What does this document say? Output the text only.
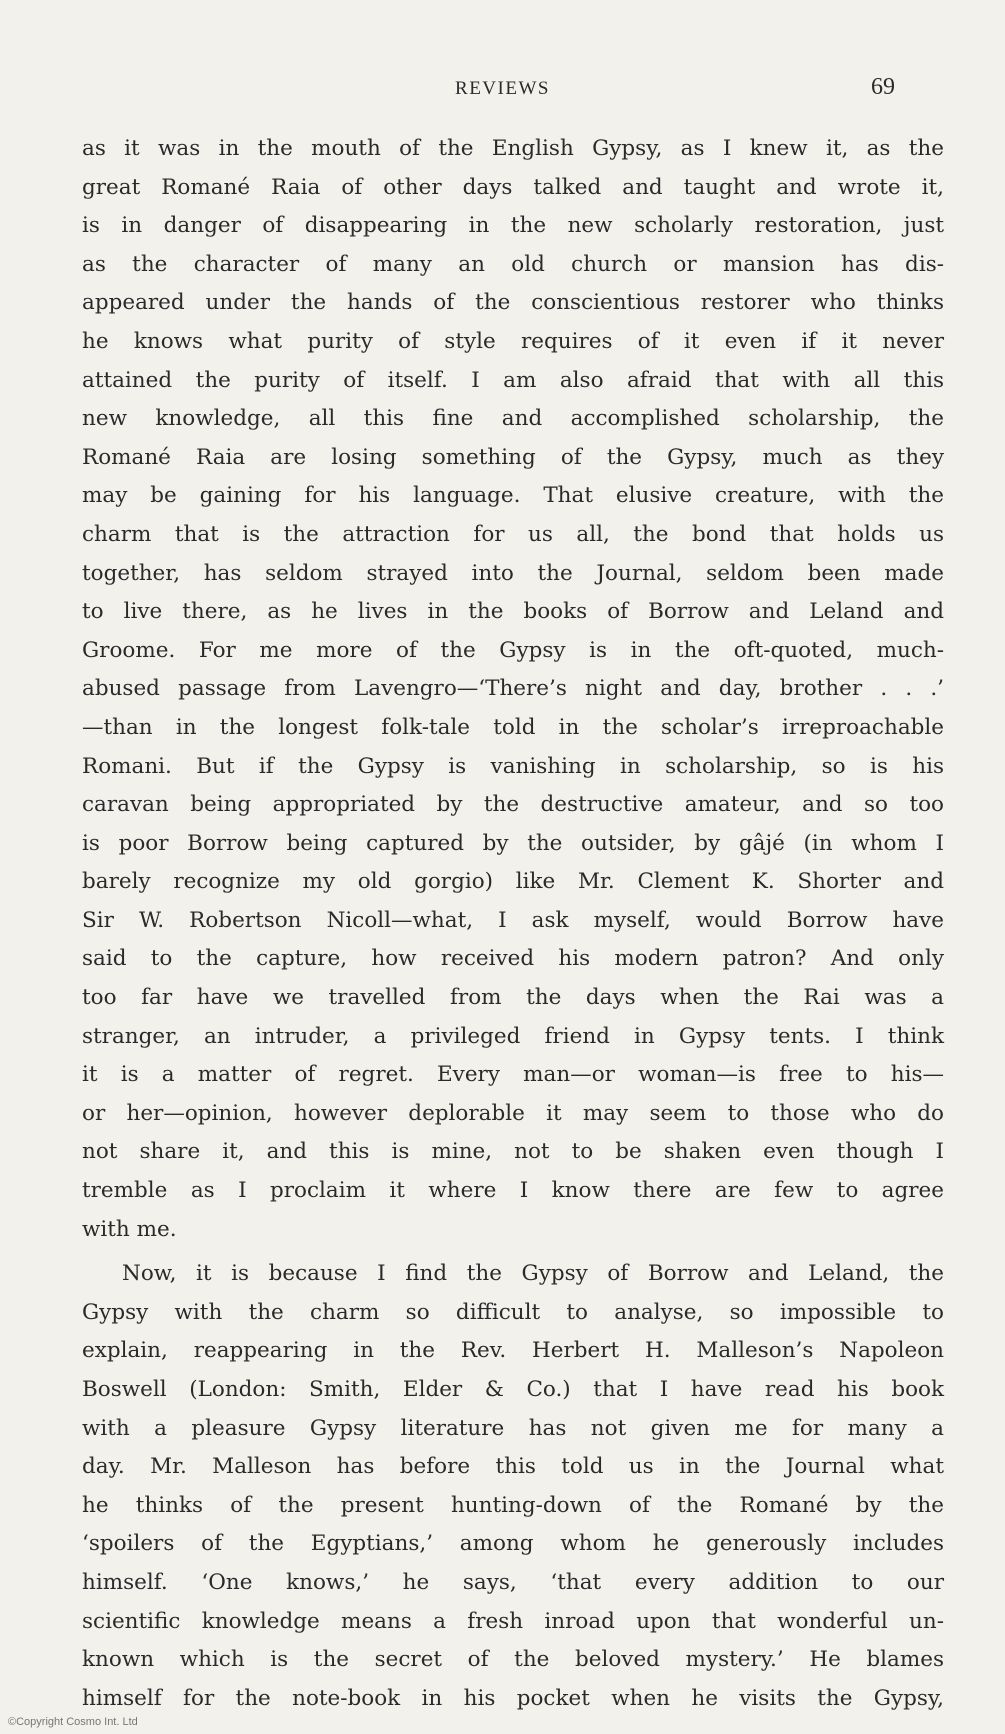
REVIEWS	69
as it was in the mouth of the English Gypsy, as I knew it, as the
great Romané Raia of other days talked and taught and wrote it,
is in danger of disappearing in the new scholarly restoration, just
as the character of many an old church or mansion has dis-
appeared under the hands of the conscientious restorer who thinks
he knows what purity of style requires of it even if it never
attained the purity of itself. I am also afraid that with all this
new knowledge, all this fine and accomplished scholarship, the
Romané Raia are losing something of the Gypsy, much as they
may be gaining for his language. That elusive creature, with the
charm that is the attraction for us all, the bond that holds us
together, has seldom strayed into the Journal, seldom been made
to live there, as he lives in the books of Borrow and Leland and
Groome. For me more of the Gypsy is in the oft-quoted, much-
abused passage from Lavengro—‘There’s night and day, brother . . .’
—than in the longest folk-tale told in the scholar’s irreproachable
Romani. But if the Gypsy is vanishing in scholarship, so is his
caravan being appropriated by the destructive amateur, and so too
is poor Borrow being captured by the outsider, by gâjé (in whom I
barely recognize my old gorgio) like Mr. Clement K. Shorter and
Sir W. Robertson Nicoll—what, I ask myself, would Borrow have
said to the capture, how received his modern patron? And only
too far have we travelled from the days when the Rai was a
stranger, an intruder, a privileged friend in Gypsy tents. I think
it is a matter of regret. Every man—or woman—is free to his—
or her—opinion, however deplorable it may seem to those who do
not share it, and this is mine, not to be shaken even though I
tremble as I proclaim it where I know there are few to agree
with me.
Now, it is because I find the Gypsy of Borrow and Leland, the
Gypsy with the charm so difficult to analyse, so impossible to
explain, reappearing in the Rev. Herbert H. Malleson’s Napoleon
Boswell (London: Smith, Elder & Co.) that I have read his book
with a pleasure Gypsy literature has not given me for many a
day. Mr. Malleson has before this told us in the Journal what
he thinks of the present hunting-down of the Romané by the
‘spoilers of the Egyptians,’ among whom he generously includes
himself. ‘One knows,’ he says, ‘that every addition to our
scientific knowledge means a fresh inroad upon that wonderful un-
known which is the secret of the beloved mystery.’ He blames
himself for the note-book in his pocket when he visits the Gypsy,
©Copyright Cosmo Int. Ltd
